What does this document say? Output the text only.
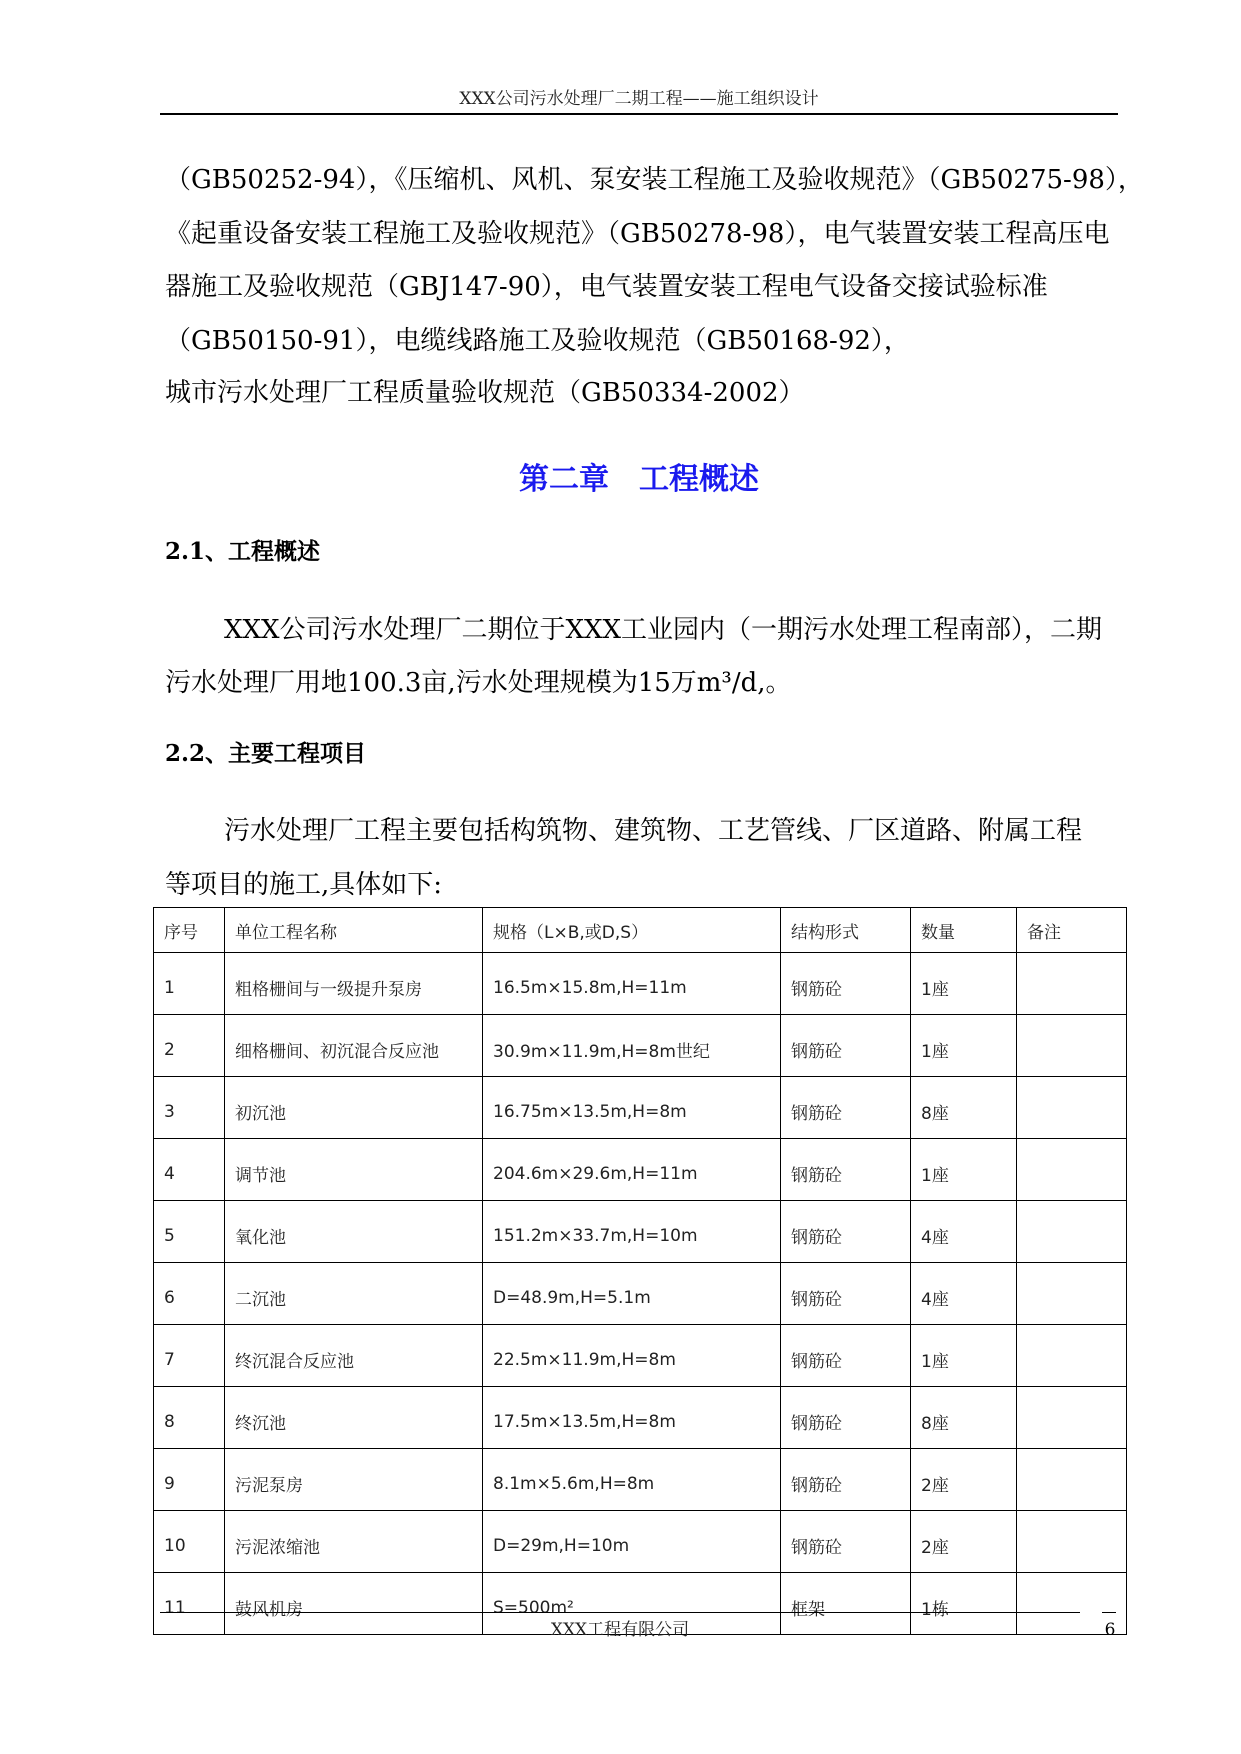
XXX公司污水处理厂二期工程——施工组织设计
（GB50252-94），《压缩机、风机、泵安装工程施工及验收规范》（GB50275-98），
《起重设备安装工程施工及验收规范》（GB50278-98），电气装置安装工程高压电
器施工及验收规范（GBJ147-90），电气装置安装工程电气设备交接试验标准
（GB50150-91），电缆线路施工及验收规范（GB50168-92），
城市污水处理厂工程质量验收规范（GB50334-2002）
第二章　工程概述
2.1、工程概述
XXX公司污水处理厂二期位于XXX工业园内（一期污水处理工程南部），二期
污水处理厂用地100.3亩,污水处理规模为15万m³/d,。
2.2、主要工程项目
污水处理厂工程主要包括构筑物、建筑物、工艺管线、厂区道路、附属工程
等项目的施工,具体如下:
序号	单位工程名称	规格（L×B,或D,S）	结构形式	数量	备注
1	粗格栅间与一级提升泵房	16.5m×15.8m,H=11m	钢筋砼	1座	
2	细格栅间、初沉混合反应池	30.9m×11.9m,H=8m世纪	钢筋砼	1座	
3	初沉池	16.75m×13.5m,H=8m	钢筋砼	8座	
4	调节池	204.6m×29.6m,H=11m	钢筋砼	1座	
5	氧化池	151.2m×33.7m,H=10m	钢筋砼	4座	
6	二沉池	D=48.9m,H=5.1m	钢筋砼	4座	
7	终沉混合反应池	22.5m×11.9m,H=8m	钢筋砼	1座	
8	终沉池	17.5m×13.5m,H=8m	钢筋砼	8座	
9	污泥泵房	8.1m×5.6m,H=8m	钢筋砼	2座	
10	污泥浓缩池	D=29m,H=10m	钢筋砼	2座	
11	鼓风机房	S=500m²	框架	1栋	
XXX工程有限公司	6
